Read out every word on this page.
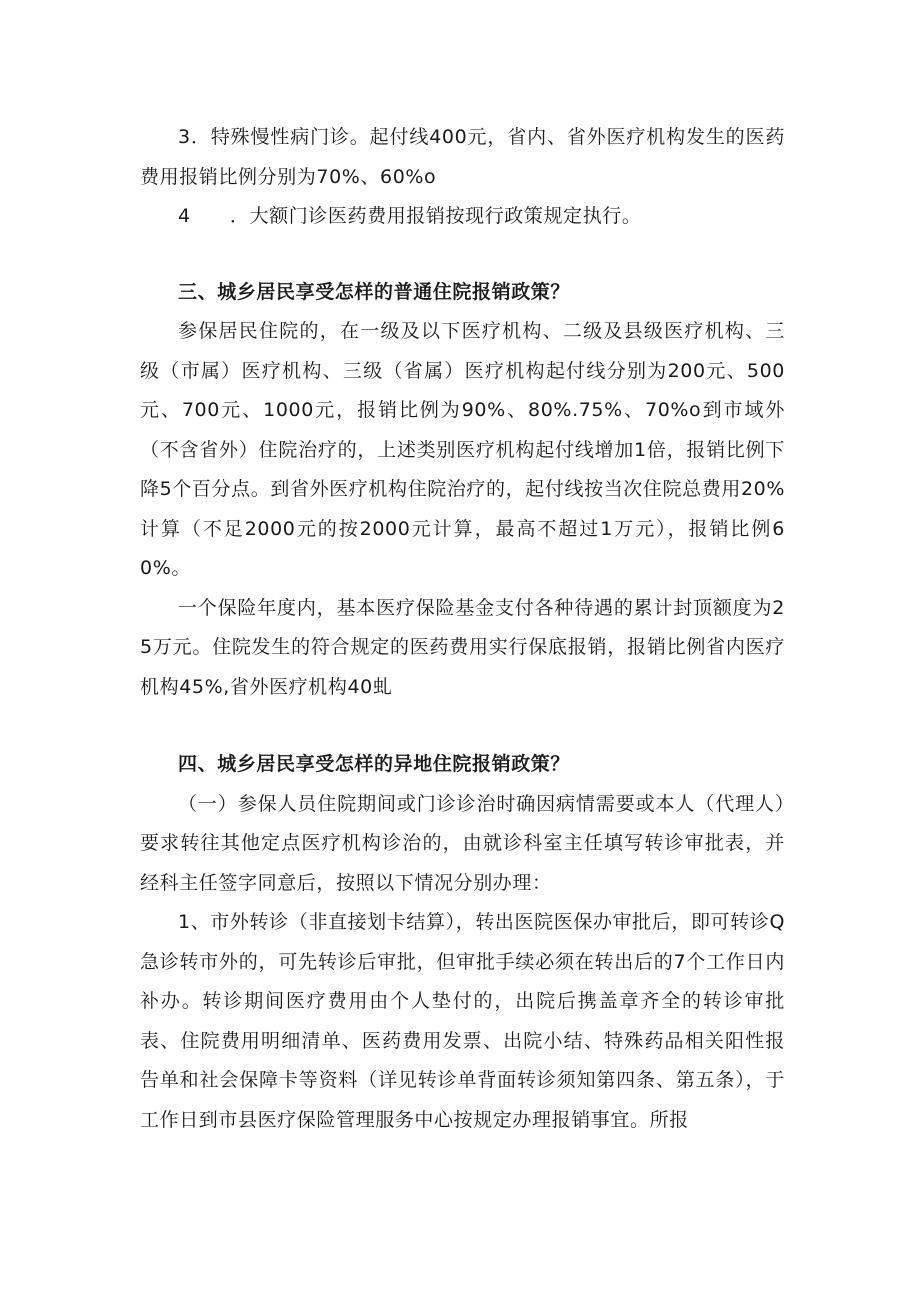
3．特殊慢性病门诊。起付线400元，省内、省外医疗机构发生的医药费用报销比例分别为70%、60%o

4　　．大额门诊医药费用报销按现行政策规定执行。

三、城乡居民享受怎样的普通住院报销政策？

参保居民住院的，在一级及以下医疗机构、二级及县级医疗机构、三级（市属）医疗机构、三级（省属）医疗机构起付线分别为200元、500元、700元、1000元，报销比例为90%、80%.75%、70%o到市域外（不含省外）住院治疗的，上述类别医疗机构起付线增加1倍，报销比例下降5个百分点。到省外医疗机构住院治疗的，起付线按当次住院总费用20%计算（不足2000元的按2000元计算，最高不超过1万元），报销比例60%。

一个保险年度内，基本医疗保险基金支付各种待遇的累计封顶额度为25万元。住院发生的符合规定的医药费用实行保底报销，报销比例省内医疗机构45%,省外医疗机构40虬

四、城乡居民享受怎样的异地住院报销政策？

（一）参保人员住院期间或门诊诊治时确因病情需要或本人（代理人）要求转往其他定点医疗机构诊治的，由就诊科室主任填写转诊审批表，并经科主任签字同意后，按照以下情况分别办理：

1、市外转诊（非直接划卡结算），转出医院医保办审批后，即可转诊Q急诊转市外的，可先转诊后审批，但审批手续必须在转出后的7个工作日内补办。转诊期间医疗费用由个人垫付的，出院后携盖章齐全的转诊审批表、住院费用明细清单、医药费用发票、出院小结、特殊药品相关阳性报告单和社会保障卡等资料（详见转诊单背面转诊须知第四条、第五条），于工作日到市县医疗保险管理服务中心按规定办理报销事宜。所报
